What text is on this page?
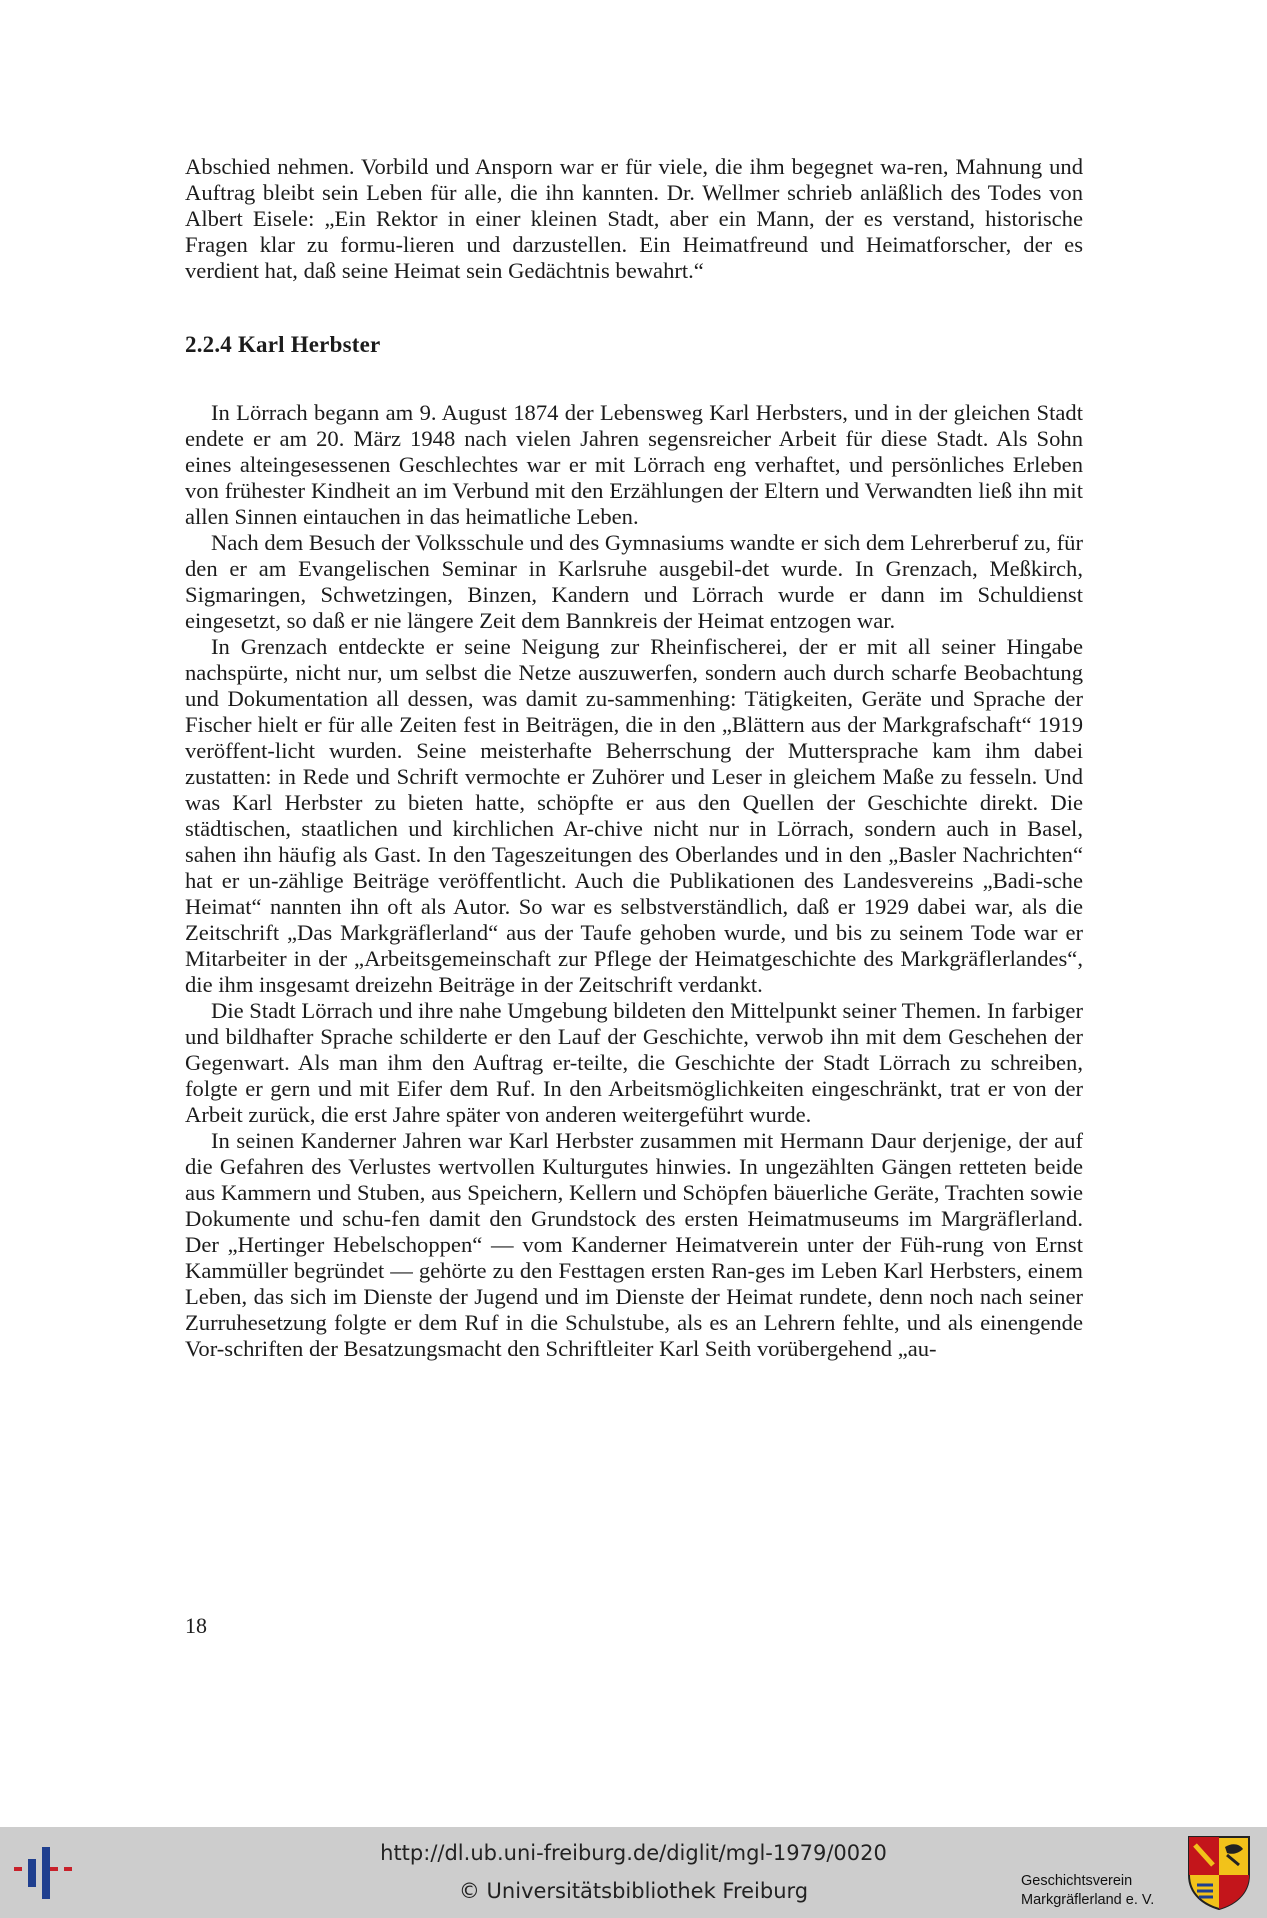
Abschied nehmen. Vorbild und Ansporn war er für viele, die ihm begegnet wa-ren, Mahnung und Auftrag bleibt sein Leben für alle, die ihn kannten. Dr. Wellmer schrieb anläßlich des Todes von Albert Eisele: „Ein Rektor in einer kleinen Stadt, aber ein Mann, der es verstand, historische Fragen klar zu formu-lieren und darzustellen. Ein Heimatfreund und Heimatforscher, der es verdient hat, daß seine Heimat sein Gedächtnis bewahrt.“

2.2.4 Karl Herbster

In Lörrach begann am 9. August 1874 der Lebensweg Karl Herbsters, und in der gleichen Stadt endete er am 20. März 1948 nach vielen Jahren segensreicher Arbeit für diese Stadt. Als Sohn eines alteingesessenen Geschlechtes war er mit Lörrach eng verhaftet, und persönliches Erleben von frühester Kindheit an im Verbund mit den Erzählungen der Eltern und Verwandten ließ ihn mit allen Sinnen eintauchen in das heimatliche Leben.

Nach dem Besuch der Volksschule und des Gymnasiums wandte er sich dem Lehrerberuf zu, für den er am Evangelischen Seminar in Karlsruhe ausgebil-det wurde. In Grenzach, Meßkirch, Sigmaringen, Schwetzingen, Binzen, Kandern und Lörrach wurde er dann im Schuldienst eingesetzt, so daß er nie längere Zeit dem Bannkreis der Heimat entzogen war.

In Grenzach entdeckte er seine Neigung zur Rheinfischerei, der er mit all seiner Hingabe nachspürte, nicht nur, um selbst die Netze auszuwerfen, sondern auch durch scharfe Beobachtung und Dokumentation all dessen, was damit zu-sammenhing: Tätigkeiten, Geräte und Sprache der Fischer hielt er für alle Zeiten fest in Beiträgen, die in den „Blättern aus der Markgrafschaft“ 1919 veröffent-licht wurden. Seine meisterhafte Beherrschung der Muttersprache kam ihm dabei zustatten: in Rede und Schrift vermochte er Zuhörer und Leser in gleichem Maße zu fesseln. Und was Karl Herbster zu bieten hatte, schöpfte er aus den Quellen der Geschichte direkt. Die städtischen, staatlichen und kirchlichen Ar-chive nicht nur in Lörrach, sondern auch in Basel, sahen ihn häufig als Gast. In den Tageszeitungen des Oberlandes und in den „Basler Nachrichten“ hat er un-zählige Beiträge veröffentlicht. Auch die Publikationen des Landesvereins „Badi-sche Heimat“ nannten ihn oft als Autor. So war es selbstverständlich, daß er 1929 dabei war, als die Zeitschrift „Das Markgräflerland“ aus der Taufe gehoben wurde, und bis zu seinem Tode war er Mitarbeiter in der „Arbeitsgemeinschaft zur Pflege der Heimatgeschichte des Markgräflerlandes“, die ihm insgesamt dreizehn Beiträge in der Zeitschrift verdankt.

Die Stadt Lörrach und ihre nahe Umgebung bildeten den Mittelpunkt seiner Themen. In farbiger und bildhafter Sprache schilderte er den Lauf der Geschichte, verwob ihn mit dem Geschehen der Gegenwart. Als man ihm den Auftrag er-teilte, die Geschichte der Stadt Lörrach zu schreiben, folgte er gern und mit Eifer dem Ruf. In den Arbeitsmöglichkeiten eingeschränkt, trat er von der Arbeit zurück, die erst Jahre später von anderen weitergeführt wurde.

In seinen Kanderner Jahren war Karl Herbster zusammen mit Hermann Daur derjenige, der auf die Gefahren des Verlustes wertvollen Kulturgutes hinwies. In ungezählten Gängen retteten beide aus Kammern und Stuben, aus Speichern, Kellern und Schöpfen bäuerliche Geräte, Trachten sowie Dokumente und schu-fen damit den Grundstock des ersten Heimatmuseums im Margräflerland. Der „Hertinger Hebelschoppen“ — vom Kanderner Heimatverein unter der Füh-rung von Ernst Kammüller begründet — gehörte zu den Festtagen ersten Ran-ges im Leben Karl Herbsters, einem Leben, das sich im Dienste der Jugend und im Dienste der Heimat rundete, denn noch nach seiner Zurruhesetzung folgte er dem Ruf in die Schulstube, als es an Lehrern fehlte, und als einengende Vor-schriften der Besatzungsmacht den Schriftleiter Karl Seith vorübergehend „au-

18
http://dl.ub.uni-freiburg.de/diglit/mgl-1979/0020
© Universitätsbibliothek Freiburg	Geschichtsverein
Markgräflerland e. V.
